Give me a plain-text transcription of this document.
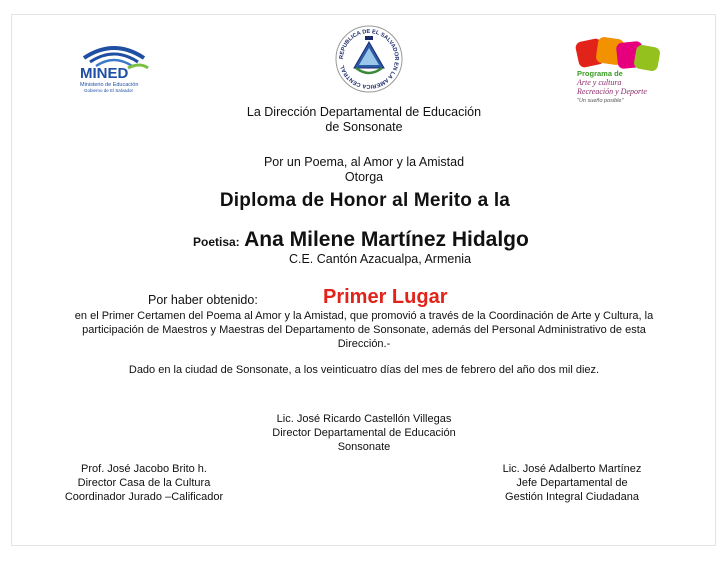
MINED
Ministerio de Educación
Gobierno de El Salvador
REPUBLICA DE EL SALVADOR EN LA AMERICA CENTRAL
Programa de
Arte y cultura
Recreación y Deporte
"Un sueño posible"
La Dirección Departamental de Educación
de Sonsonate
Por un Poema, al Amor y la Amistad
Otorga
Diploma de Honor al Merito a la
Poetisa: Ana Milene Martínez Hidalgo
C.E. Cantón Azacualpa, Armenia
Por haber obtenido:	Primer Lugar
en el Primer Certamen del Poema al Amor y la Amistad, que promovió a través de la Coordinación de Arte y Cultura, la
participación de Maestros y Maestras del Departamento de Sonsonate, además del Personal Administrativo de esta
Dirección.-
Dado en la ciudad de Sonsonate, a los veinticuatro días del mes de febrero del año dos mil diez.
Lic. José Ricardo Castellón Villegas
Director Departamental de Educación
Sonsonate
Prof. José Jacobo Brito h.
Director Casa de la Cultura
Coordinador Jurado –Calificador
Lic. José Adalberto Martínez
Jefe Departamental de
Gestión Integral Ciudadana
